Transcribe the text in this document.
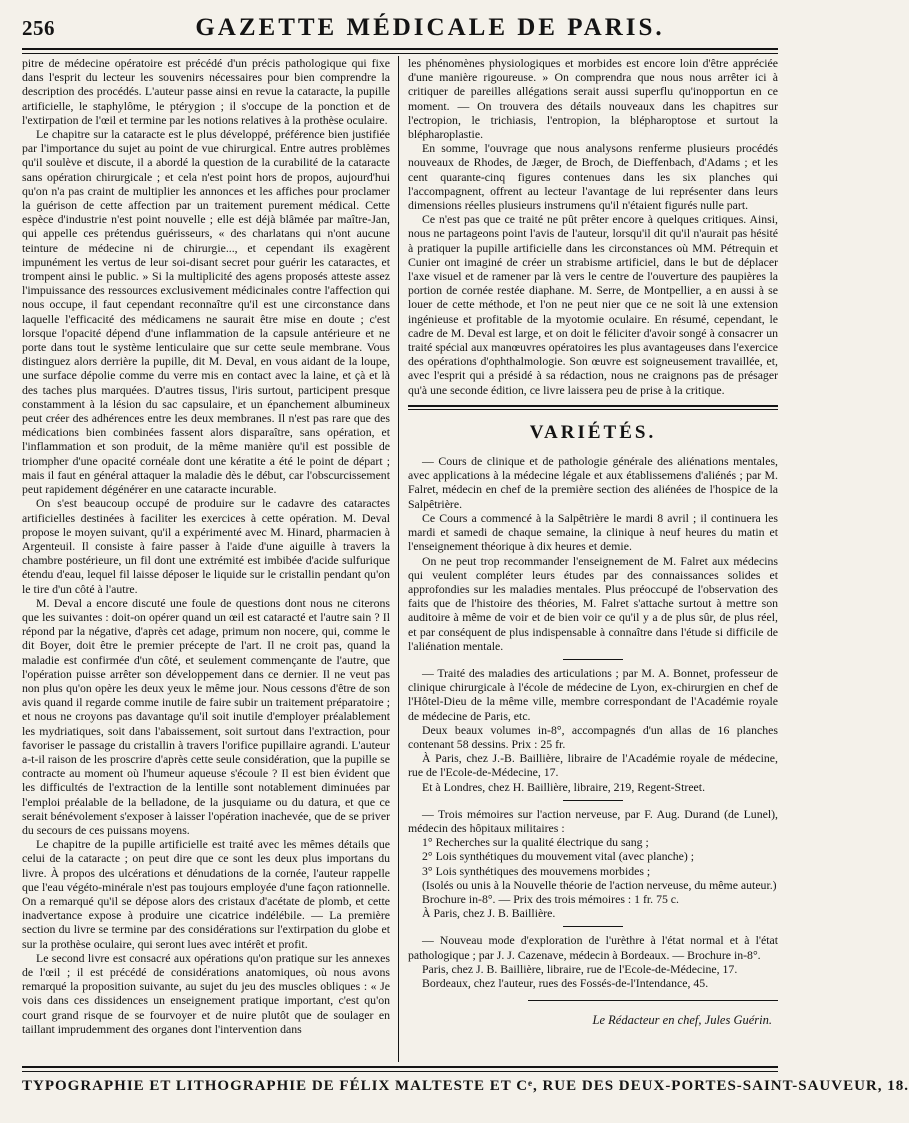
256	GAZETTE MÉDICALE DE PARIS.

pitre de médecine opératoire est précédé d'un précis pathologique qui fixe dans l'esprit du lecteur les souvenirs nécessaires pour bien comprendre la description des procédés. L'auteur passe ainsi en revue la cataracte, la pupille artificielle, le staphylôme, le ptérygion ; il s'occupe de la ponction et de l'extirpation de l'œil et termine par les notions relatives à la prothèse oculaire.

Le chapitre sur la cataracte est le plus développé, préférence bien justifiée par l'importance du sujet au point de vue chirurgical. Entre autres problèmes qu'il soulève et discute, il a abordé la question de la curabilité de la cataracte sans opération chirurgicale ; et cela n'est point hors de propos, aujourd'hui qu'on n'a pas craint de multiplier les annonces et les affiches pour proclamer la guérison de cette affection par un traitement purement médical. Cette espèce d'industrie n'est point nouvelle ; elle est déjà blâmée par maître-Jan, qui appelle ces prétendus guérisseurs, « des charlatans qui n'ont aucune teinture de médecine ni de chirurgie..., et cependant ils exagèrent impunément les vertus de leur soi-disant secret pour guérir les cataractes, et trompent ainsi le public. » Si la multiplicité des agens proposés atteste assez l'impuissance des ressources exclusivement médicinales contre l'affection qui nous occupe, il faut cependant reconnaître qu'il est une circonstance dans laquelle l'efficacité des médicamens ne saurait être mise en doute ; c'est lorsque l'opacité dépend d'une inflammation de la capsule antérieure et ne porte dans tout le système lenticulaire que sur cette seule membrane. Vous distinguez alors derrière la pupille, dit M. Deval, en vous aidant de la loupe, une surface dépolie comme du verre mis en contact avec la laine, et çà et là des taches plus marquées. D'autres tissus, l'iris surtout, participent presque constamment à la lésion du sac capsulaire, et un épanchement albumineux peut créer des adhérences entre les deux membranes. Il n'est pas rare que des médications bien combinées fassent alors disparaître, sans opération, et l'inflammation et son produit, de la même manière qu'il est possible de triompher d'une opacité cornéale dont une kératite a été le point de départ ; mais il faut en général attaquer la maladie dès le début, car l'obscurcissement peut rapidement dégénérer en une cataracte incurable.

On s'est beaucoup occupé de produire sur le cadavre des cataractes artificielles destinées à faciliter les exercices à cette opération. M. Deval propose le moyen suivant, qu'il a expérimenté avec M. Hinard, pharmacien à Argenteuil. Il consiste à faire passer à l'aide d'une aiguille à travers la chambre postérieure, un fil dont une extrémité est imbibée d'acide sulfurique étendu d'eau, lequel fil laisse déposer le liquide sur le cristallin pendant qu'on le tire d'un côté à l'autre.

M. Deval a encore discuté une foule de questions dont nous ne citerons que les suivantes : doit-on opérer quand un œil est cataracté et l'autre sain ? Il répond par la négative, d'après cet adage, primum non nocere, qui, comme le dit Boyer, doit être le premier précepte de l'art. Il ne croit pas, quand la maladie est confirmée d'un côté, et seulement commençante de l'autre, que l'opération puisse arrêter son développement dans ce dernier. Il ne veut pas non plus qu'on opère les deux yeux le même jour. Nous cessons d'être de son avis quand il regarde comme inutile de faire subir un traitement préparatoire ; et nous ne croyons pas davantage qu'il soit inutile d'employer préalablement les mydriatiques, soit dans l'abaissement, soit surtout dans l'extraction, pour favoriser le passage du cristallin à travers l'orifice pupillaire agrandi. L'auteur a-t-il raison de les proscrire d'après cette seule considération, que la pupille se contracte au moment où l'humeur aqueuse s'écoule ? Il est bien évident que les difficultés de l'extraction de la lentille sont notablement diminuées par l'emploi préalable de la belladone, de la jusquiame ou du datura, et que ce serait bénévolement s'exposer à laisser l'opération inachevée, que de se priver du secours de ces puissans moyens.

Le chapitre de la pupille artificielle est traité avec les mêmes détails que celui de la cataracte ; on peut dire que ce sont les deux plus importans du livre. À propos des ulcérations et dénudations de la cornée, l'auteur rappelle que l'eau végéto-minérale n'est pas toujours employée d'une façon rationnelle. On a remarqué qu'il se dépose alors des cristaux d'acétate de plomb, et cette inadvertance expose à produire une cicatrice indélébile. — La première section du livre se termine par des considérations sur l'extirpation du globe et sur la prothèse oculaire, qui seront lues avec intérêt et profit.

Le second livre est consacré aux opérations qu'on pratique sur les annexes de l'œil ; il est précédé de considérations anatomiques, où nous avons remarqué la proposition suivante, au sujet du jeu des muscles obliques : « Je vois dans ces dissidences un enseignement pratique important, c'est qu'on court grand risque de se fourvoyer et de nuire plutôt que de soulager en taillant imprudemment des organes dont l'intervention dans

les phénomènes physiologiques et morbides est encore loin d'être appréciée d'une manière rigoureuse. » On comprendra que nous nous arrêter ici à critiquer de pareilles allégations serait aussi superflu qu'inopportun en ce moment. — On trouvera des détails nouveaux dans les chapitres sur l'ectropion, le trichiasis, l'entropion, la blépharoptose et surtout la blépharoplastie.

En somme, l'ouvrage que nous analysons renferme plusieurs procédés nouveaux de Rhodes, de Jæger, de Broch, de Dieffenbach, d'Adams ; et les cent quarante-cinq figures contenues dans les six planches qui l'accompagnent, offrent au lecteur l'avantage de lui représenter dans leurs dimensions réelles plusieurs instrumens qu'il n'étaient figurés nulle part.

Ce n'est pas que ce traité ne pût prêter encore à quelques critiques. Ainsi, nous ne partageons point l'avis de l'auteur, lorsqu'il dit qu'il n'aurait pas hésité à pratiquer la pupille artificielle dans les circonstances où MM. Pétrequin et Cunier ont imaginé de créer un strabisme artificiel, dans le but de déplacer l'axe visuel et de ramener par là vers le centre de l'ouverture des paupières la portion de cornée restée diaphane. M. Serre, de Montpellier, a en aussi à se louer de cette méthode, et l'on ne peut nier que ce ne soit là une extension ingénieuse et profitable de la myotomie oculaire. En résumé, cependant, le cadre de M. Deval est large, et on doit le féliciter d'avoir songé à consacrer un traité spécial aux manœuvres opératoires les plus avantageuses dans l'exercice des opérations d'ophthalmologie. Son œuvre est soigneusement travaillée, et, avec l'esprit qui a présidé à sa rédaction, nous ne craignons pas de présager qu'à une seconde édition, ce livre laissera peu de prise à la critique.

VARIÉTÉS.

— Cours de clinique et de pathologie générale des aliénations mentales, avec applications à la médecine légale et aux établissemens d'aliénés ; par M. Falret, médecin en chef de la première section des aliénées de l'hospice de la Salpêtrière.

Ce Cours a commencé à la Salpêtrière le mardi 8 avril ; il continuera les mardi et samedi de chaque semaine, la clinique à neuf heures du matin et l'enseignement théorique à dix heures et demie.

On ne peut trop recommander l'enseignement de M. Falret aux médecins qui veulent compléter leurs études par des connaissances solides et approfondies sur les maladies mentales. Plus préoccupé de l'observation des faits que de l'histoire des théories, M. Falret s'attache surtout à mettre son auditoire à même de voir et de bien voir ce qu'il y a de plus sûr, de plus réel, et par conséquent de plus indispensable à connaître dans l'étude si difficile de l'aliénation mentale.

— Traité des maladies des articulations ; par M. A. Bonnet, professeur de clinique chirurgicale à l'école de médecine de Lyon, ex-chirurgien en chef de l'Hôtel-Dieu de la même ville, membre correspondant de l'Académie royale de médecine de Paris, etc.

Deux beaux volumes in-8°, accompagnés d'un allas de 16 planches contenant 58 dessins. Prix : 25 fr.

À Paris, chez J.-B. Baillière, libraire de l'Académie royale de médecine, rue de l'Ecole-de-Médecine, 17.

Et à Londres, chez H. Baillière, libraire, 219, Regent-Street.

— Trois mémoires sur l'action nerveuse, par F. Aug. Durand (de Lunel), médecin des hôpitaux militaires :

1° Recherches sur la qualité électrique du sang ;

2° Lois synthétiques du mouvement vital (avec planche) ;

3° Lois synthétiques des mouvemens morbides ;

(Isolés ou unis à la Nouvelle théorie de l'action nerveuse, du même auteur.)

Brochure in-8°. — Prix des trois mémoires : 1 fr. 75 c.

À Paris, chez J. B. Baillière.

— Nouveau mode d'exploration de l'urèthre à l'état normal et à l'état pathologique ; par J. J. Cazenave, médecin à Bordeaux. — Brochure in-8°.

Paris, chez J. B. Baillière, libraire, rue de l'Ecole-de-Médecine, 17.

Bordeaux, chez l'auteur, rues des Fossés-de-l'Intendance, 45.

Le Rédacteur en chef, Jules Guérin.
TYPOGRAPHIE ET LITHOGRAPHIE DE FÉLIX MALTESTE ET Cᵉ, RUE DES DEUX-PORTES-SAINT-SAUVEUR, 18.
